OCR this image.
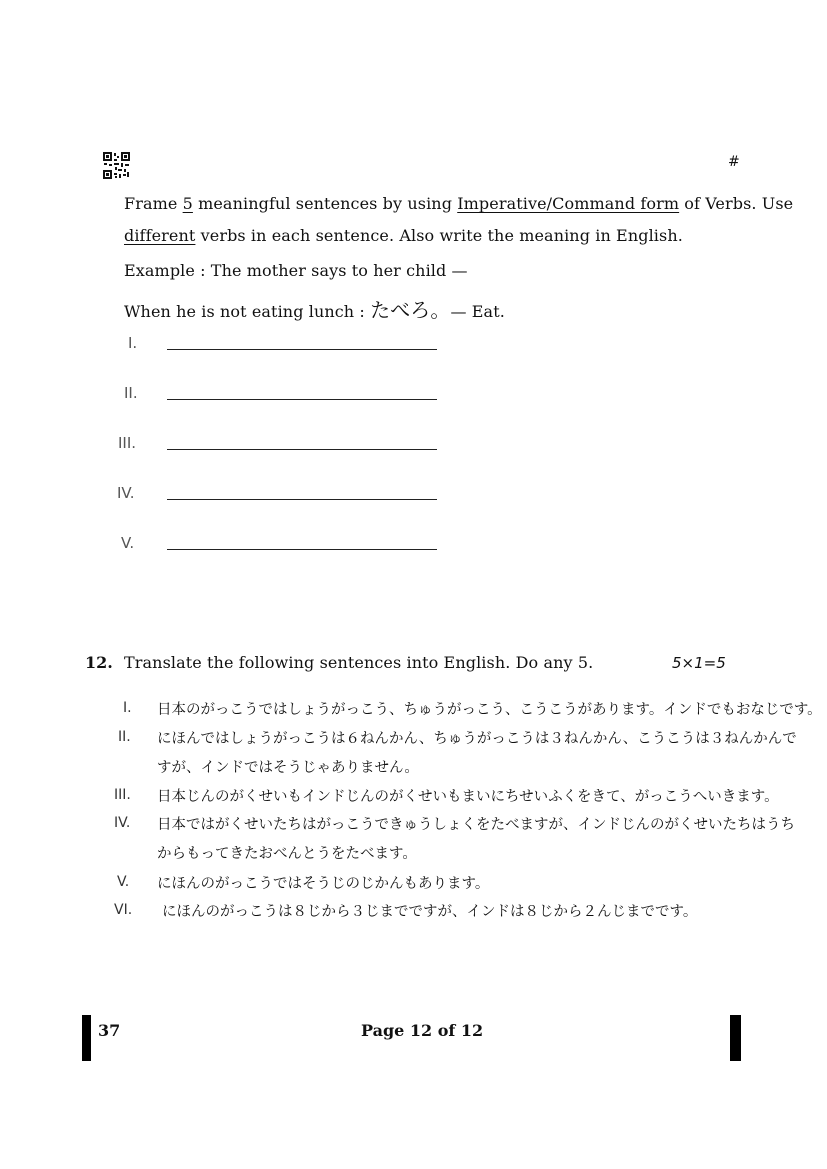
#
Frame 5 meaningful sentences by using Imperative/Command form of Verbs. Use
different verbs in each sentence. Also write the meaning in English.
Example : The mother says to her child —
When he is not eating lunch : たべろ。— Eat.
I.
II.
III.
IV.
V.
12. Translate the following sentences into English. Do any 5.	5×1=5
I. 日本のがっこうではしょうがっこう、ちゅうがっこう、こうこうがあります。インドでもおなじです。
II. にほんではしょうがっこうは６ねんかん、ちゅうがっこうは３ねんかん、こうこうは３ねんかんで
すが、インドではそうじゃありません。
III. 日本じんのがくせいもインドじんのがくせいもまいにちせいふくをきて、がっこうへいきます。
IV. 日本ではがくせいたちはがっこうできゅうしょくをたべますが、インドじんのがくせいたちはうち
からもってきたおべんとうをたべます。
V. にほんのがっこうではそうじのじかんもあります。
VI. にほんのがっこうは８じから３じまでですが、インドは８じから２んじまでです。
37	Page 12 of 12
